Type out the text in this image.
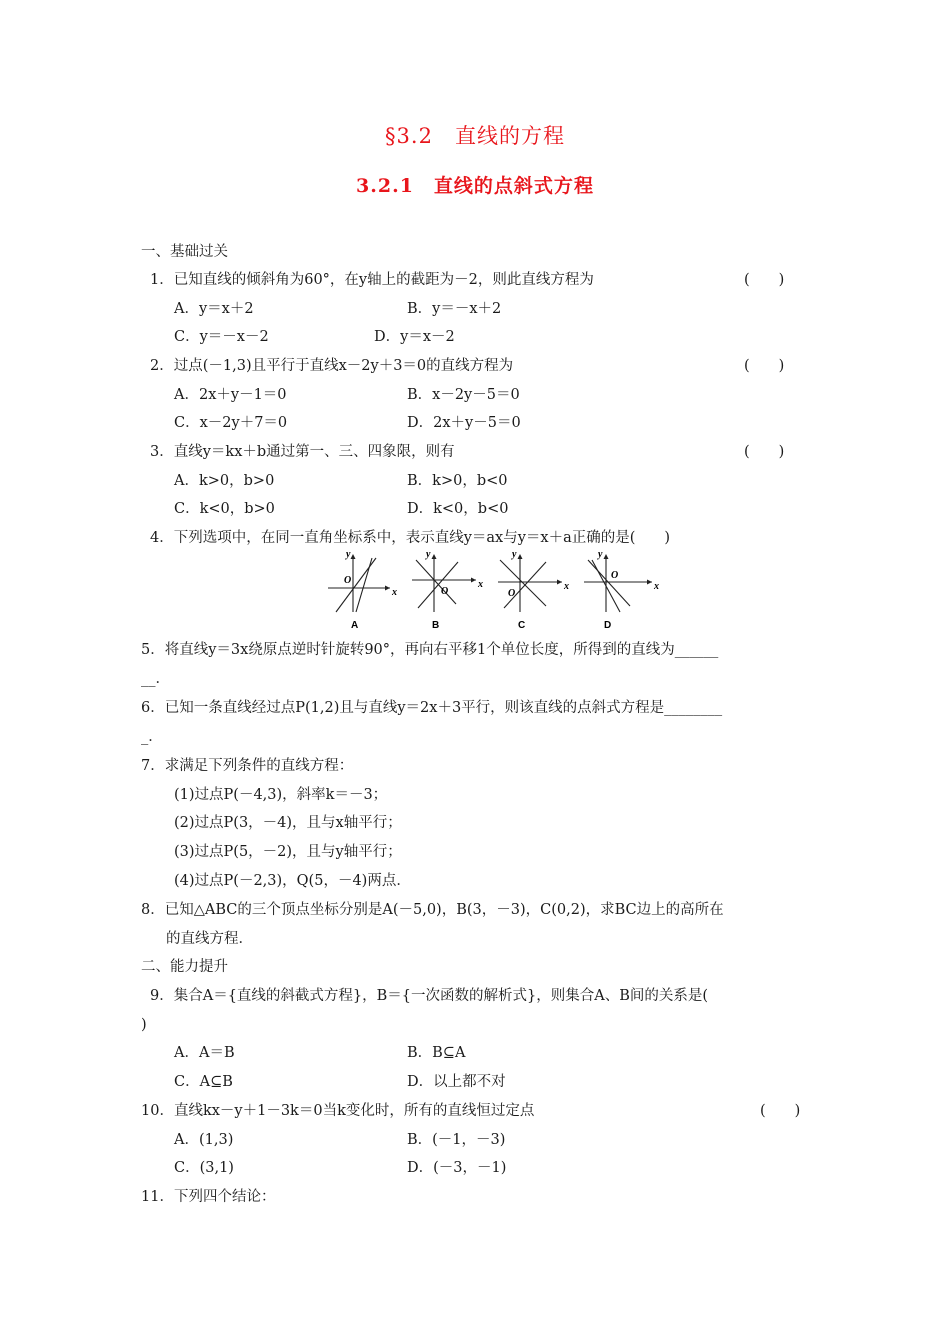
§3.2　直线的方程
3.2.1　直线的点斜式方程
一、基础过关
1．已知直线的倾斜角为60°，在y轴上的截距为－2，则此直线方程为	(　　)
A．y＝x＋2	B．y＝－x＋2
C．y＝－x－2	D．y＝x－2
2．过点(－1,3)且平行于直线x－2y＋3＝0的直线方程为	(　　)
A．2x＋y－1＝0	B．x－2y－5＝0
C．x－2y＋7＝0	D．2x＋y－5＝0
3．直线y＝kx＋b通过第一、三、四象限，则有	(　　)
A．k>0，b>0	B．k>0，b<0
C．k<0，b>0	D．k<0，b<0
4．下列选项中，在同一直角坐标系中，表示直线y＝ax与y＝x＋a正确的是(　　)
y
O
x
A
y
O
x
B
y
O
x
C
y
O
x
D
5．将直线y＝3x绕原点逆时针旋转90°，再向右平移1个单位长度，所得到的直线为______
__．
6．已知一条直线经过点P(1,2)且与直线y＝2x＋3平行，则该直线的点斜式方程是________
_．
7．求满足下列条件的直线方程：
(1)过点P(－4,3)，斜率k＝－3；
(2)过点P(3，－4)，且与x轴平行；
(3)过点P(5，－2)，且与y轴平行；
(4)过点P(－2,3)，Q(5，－4)两点．
8．已知△ABC的三个顶点坐标分别是A(－5,0)，B(3，－3)，C(0,2)，求BC边上的高所在
的直线方程．
二、能力提升
9．集合A＝{直线的斜截式方程}，B＝{一次函数的解析式}，则集合A、B间的关系是(
)
A．A＝B	B．B⊆A
C．A⊆B	D．以上都不对
10．直线kx－y＋1－3k＝0当k变化时，所有的直线恒过定点	(　　)
A．(1,3)	B．(－1，－3)
C．(3,1)	D．(－3，－1)
11．下列四个结论：
